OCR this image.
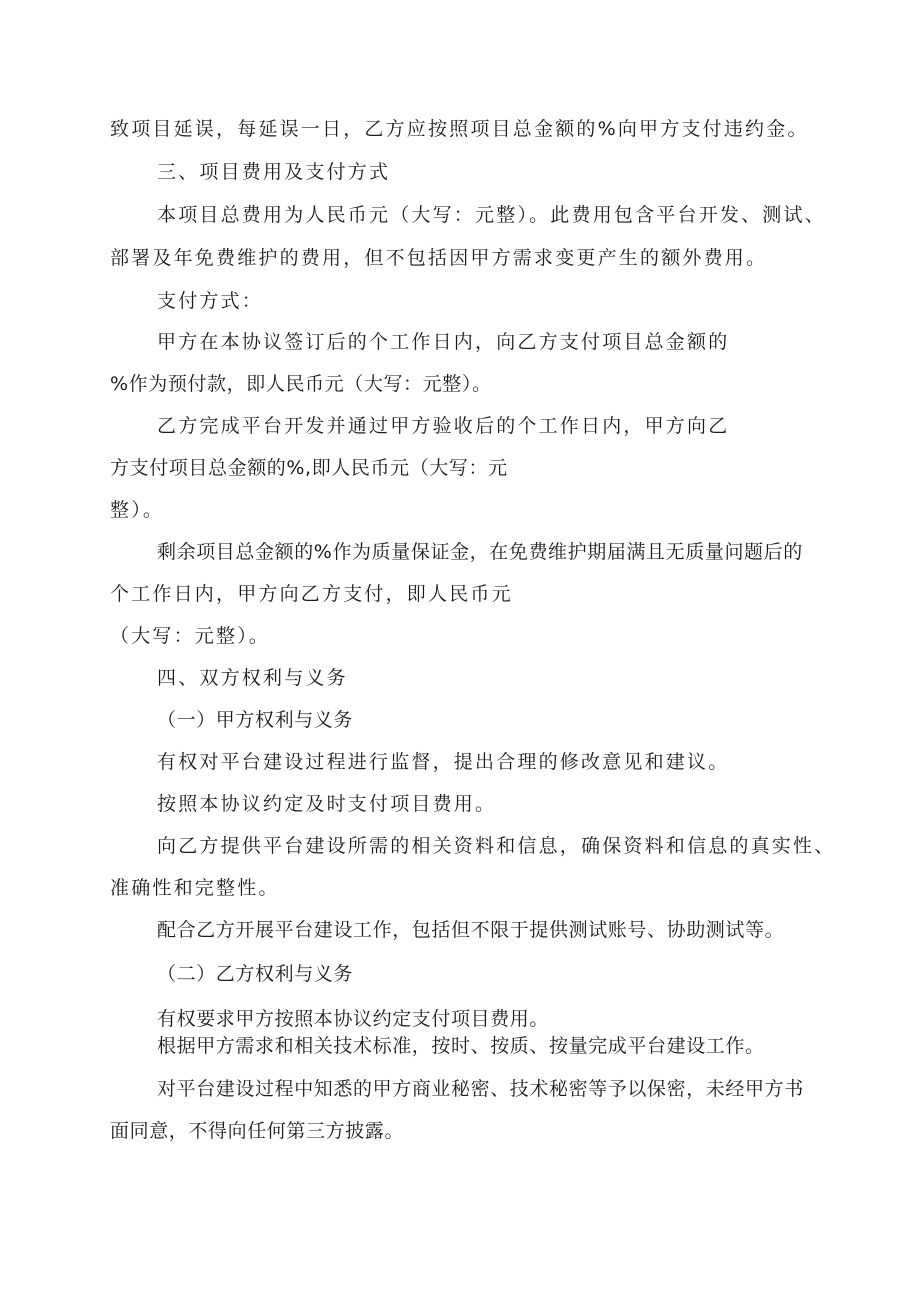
致项目延误，每延误一日，乙方应按照项目总金额的%向甲方支付违约金。
三、项目费用及支付方式
本项目总费用为人民币元（大写：元整）。此费用包含平台开发、测试、
部署及年免费维护的费用，但不包括因甲方需求变更产生的额外费用。
支付方式：
甲方在本协议签订后的个工作日内，向乙方支付项目总金额的
%作为预付款，即人民币元（大写：元整）。
乙方完成平台开发并通过甲方验收后的个工作日内，甲方向乙
方支付项目总金额的%,即人民币元（大写：元
整）。
剩余项目总金额的%作为质量保证金，在免费维护期届满且无质量问题后的
个工作日内，甲方向乙方支付，即人民币元
（大写：元整）。
四、双方权利与义务
（一）甲方权利与义务
有权对平台建设过程进行监督，提出合理的修改意见和建议。
按照本协议约定及时支付项目费用。
向乙方提供平台建设所需的相关资料和信息，确保资料和信息的真实性、
准确性和完整性。
配合乙方开展平台建设工作，包括但不限于提供测试账号、协助测试等。
（二）乙方权利与义务
有权要求甲方按照本协议约定支付项目费用。
根据甲方需求和相关技术标准，按时、按质、按量完成平台建设工作。
对平台建设过程中知悉的甲方商业秘密、技术秘密等予以保密，未经甲方书
面同意，不得向任何第三方披露。
